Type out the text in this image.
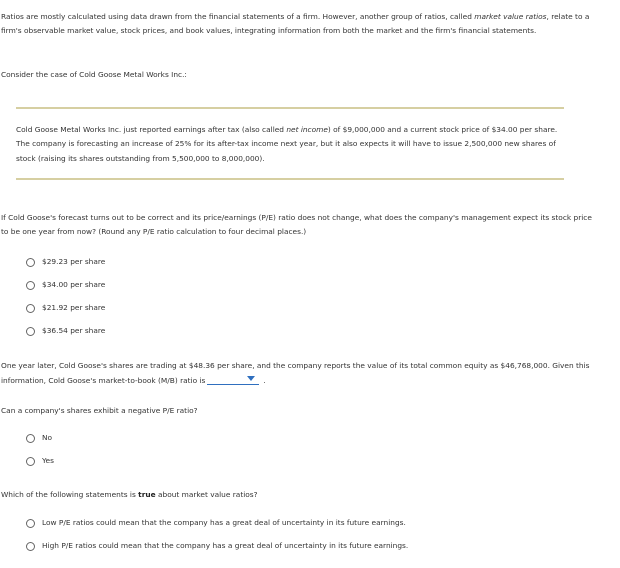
Ratios are mostly calculated using data drawn from the financial statements of a firm. However, another group of ratios, called market value ratios, relate to a firm's observable market value, stock prices, and book values, integrating information from both the market and the firm's financial statements.
Consider the case of Cold Goose Metal Works Inc.:
Cold Goose Metal Works Inc. just reported earnings after tax (also called net income) of $9,000,000 and a current stock price of $34.00 per share. The company is forecasting an increase of 25% for its after-tax income next year, but it also expects it will have to issue 2,500,000 new shares of stock (raising its shares outstanding from 5,500,000 to 8,000,000).
If Cold Goose's forecast turns out to be correct and its price/earnings (P/E) ratio does not change, what does the company's management expect its stock price to be one year from now? (Round any P/E ratio calculation to four decimal places.)
$29.23 per share
$34.00 per share
$21.92 per share
$36.54 per share
One year later, Cold Goose's shares are trading at $48.36 per share, and the company reports the value of its total common equity as $46,768,000. Given this information, Cold Goose's market-to-book (M/B) ratio is	.
Can a company's shares exhibit a negative P/E ratio?
No
Yes
Which of the following statements is true about market value ratios?
Low P/E ratios could mean that the company has a great deal of uncertainty in its future earnings.
High P/E ratios could mean that the company has a great deal of uncertainty in its future earnings.
